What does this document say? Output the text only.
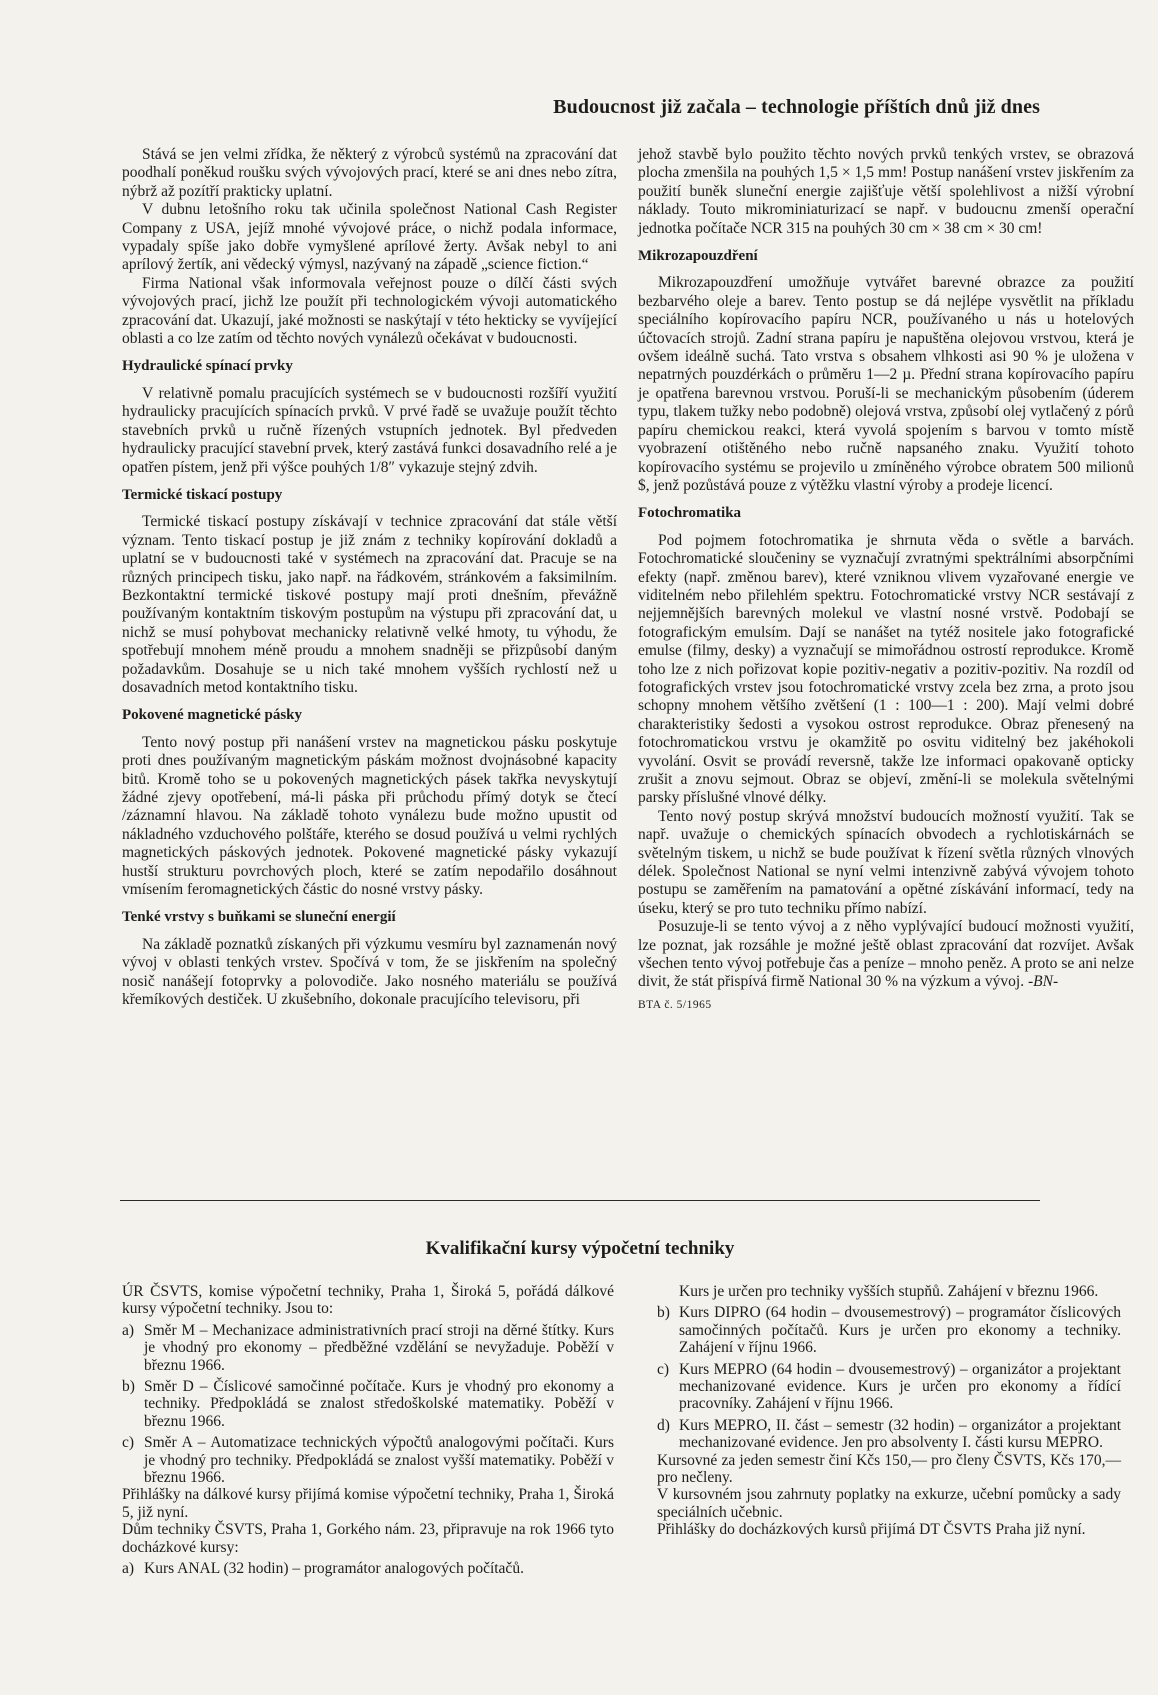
Budoucnost již začala – technologie příštích dnů již dnes

Stává se jen velmi zřídka, že některý z výrobců systémů na zpracování dat poodhalí poněkud roušku svých vývojových prací, které se ani dnes nebo zítra, nýbrž až pozítří prakticky uplatní.

V dubnu letošního roku tak učinila společnost National Cash Register Company z USA, jejíž mnohé vývojové práce, o nichž podala informace, vypadaly spíše jako dobře vymyšlené aprílové žerty. Avšak nebyl to ani aprílový žertík, ani vědecký výmysl, nazývaný na západě „science fiction.“

Firma National však informovala veřejnost pouze o dílčí části svých vývojových prací, jichž lze použít při technologickém vývoji automatického zpracování dat. Ukazují, jaké možnosti se naskýtají v této hekticky se vyvíjející oblasti a co lze zatím od těchto nových vynálezů očekávat v budoucnosti.

Hydraulické spínací prvky

V relativně pomalu pracujících systémech se v budoucnosti rozšíří využití hydraulicky pracujících spínacích prvků. V prvé řadě se uvažuje použít těchto stavebních prvků u ručně řízených vstupních jednotek. Byl předveden hydraulicky pracující stavební prvek, který zastává funkci dosavadního relé a je opatřen pístem, jenž při výšce pouhých 1/8″ vykazuje stejný zdvih.

Termické tiskací postupy

Termické tiskací postupy získávají v technice zpracování dat stále větší význam. Tento tiskací postup je již znám z techniky kopírování dokladů a uplatní se v budoucnosti také v systémech na zpracování dat. Pracuje se na různých principech tisku, jako např. na řádkovém, stránkovém a faksimilním. Bezkontaktní termické tiskové postupy mají proti dnešním, převážně používaným kontaktním tiskovým postupům na výstupu při zpracování dat, u nichž se musí pohybovat mechanicky relativně velké hmoty, tu výhodu, že spotřebují mnohem méně proudu a mnohem snadněji se přizpůsobí daným požadavkům. Dosahuje se u nich také mnohem vyšších rychlostí než u dosavadních metod kontaktního tisku.

Pokovené magnetické pásky

Tento nový postup při nanášení vrstev na magnetickou pásku poskytuje proti dnes používaným magnetickým páskám možnost dvojnásobné kapacity bitů. Kromě toho se u pokovených magnetických pásek takřka nevyskytují žádné zjevy opotřebení, má-li páska při průchodu přímý dotyk se čtecí /záznamní hlavou. Na základě tohoto vynálezu bude možno upustit od nákladného vzduchového polštáře, kterého se dosud používá u velmi rychlých magnetických páskových jednotek. Pokovené magnetické pásky vykazují hustší strukturu povrchových ploch, které se zatím nepodařilo dosáhnout vmísením feromagnetických částic do nosné vrstvy pásky.

Tenké vrstvy s buňkami se sluneční energií

Na základě poznatků získaných při výzkumu vesmíru byl zaznamenán nový vývoj v oblasti tenkých vrstev. Spočívá v tom, že se jiskřením na společný nosič nanášejí fotoprvky a polovodiče. Jako nosného materiálu se používá křemíkových destiček. U zkušebního, dokonale pracujícího televisoru, při

jehož stavbě bylo použito těchto nových prvků tenkých vrstev, se obrazová plocha zmenšila na pouhých 1,5 × 1,5 mm! Postup nanášení vrstev jiskřením za použití buněk sluneční energie zajišťuje větší spolehlivost a nižší výrobní náklady. Touto mikrominiaturizací se např. v budoucnu zmenší operační jednotka počítače NCR 315 na pouhých 30 cm × 38 cm × 30 cm!

Mikrozapouzdření

Mikrozapouzdření umožňuje vytvářet barevné obrazce za použití bezbarvého oleje a barev. Tento postup se dá nejlépe vysvětlit na příkladu speciálního kopírovacího papíru NCR, používaného u nás u hotelových účtovacích strojů. Zadní strana papíru je napuštěna olejovou vrstvou, která je ovšem ideálně suchá. Tato vrstva s obsahem vlhkosti asi 90 % je uložena v nepatrných pouzdérkách o průměru 1—2 µ. Přední strana kopírovacího papíru je opatřena barevnou vrstvou. Poruší-li se mechanickým působením (úderem typu, tlakem tužky nebo podobně) olejová vrstva, způsobí olej vytlačený z pórů papíru chemickou reakci, která vyvolá spojením s barvou v tomto místě vyobrazení otištěného nebo ručně napsaného znaku. Využití tohoto kopírovacího systému se projevilo u zmíněného výrobce obratem 500 milionů $, jenž pozůstává pouze z výtěžku vlastní výroby a prodeje licencí.

Fotochromatika

Pod pojmem fotochromatika je shrnuta věda o světle a barvách. Fotochromatické sloučeniny se vyznačují zvratnými spektrálními absorpčními efekty (např. změnou barev), které vzniknou vlivem vyzařované energie ve viditelném nebo přilehlém spektru. Fotochromatické vrstvy NCR sestávají z nejjemnějších barevných molekul ve vlastní nosné vrstvě. Podobají se fotografickým emulsím. Dají se nanášet na tytéž nositele jako fotografické emulse (filmy, desky) a vyznačují se mimořádnou ostrostí reprodukce. Kromě toho lze z nich pořizovat kopie pozitiv-negativ a pozitiv-pozitiv. Na rozdíl od fotografických vrstev jsou fotochromatické vrstvy zcela bez zrna, a proto jsou schopny mnohem většího zvětšení (1 : 100—1 : 200). Mají velmi dobré charakteristiky šedosti a vysokou ostrost reprodukce. Obraz přenesený na fotochromatickou vrstvu je okamžitě po osvitu viditelný bez jakéhokoli vyvolání. Osvit se provádí reversně, takže lze informaci opakovaně opticky zrušit a znovu sejmout. Obraz se objeví, změní-li se molekula světelnými parsky příslušné vlnové délky.

Tento nový postup skrývá množství budoucích možností využití. Tak se např. uvažuje o chemických spínacích obvodech a rychlotiskárnách se světelným tiskem, u nichž se bude používat k řízení světla různých vlnových délek. Společnost National se nyní velmi intenzivně zabývá vývojem tohoto postupu se zaměřením na pamatování a opětné získávání informací, tedy na úseku, který se pro tuto techniku přímo nabízí.

Posuzuje-li se tento vývoj a z něho vyplývající budoucí možnosti využití, lze poznat, jak rozsáhle je možné ještě oblast zpracování dat rozvíjet. Avšak všechen tento vývoj potřebuje čas a peníze – mnoho peněz. A proto se ani nelze divit, že stát přispívá firmě National 30 % na výzkum a vývoj. -BN-

BTA č. 5/1965

Kvalifikační kursy výpočetní techniky

ÚR ČSVTS, komise výpočetní techniky, Praha 1, Široká 5, pořádá dálkové kursy výpočetní techniky. Jsou to:

a) Směr M – Mechanizace administrativních prací stroji na děrné štítky. Kurs je vhodný pro ekonomy – předběžné vzdělání se nevyžaduje. Poběží v březnu 1966.
b) Směr D – Číslicové samočinné počítače. Kurs je vhodný pro ekonomy a techniky. Předpokládá se znalost středoškolské matematiky. Poběží v březnu 1966.
c) Směr A – Automatizace technických výpočtů analogovými počítači. Kurs je vhodný pro techniky. Předpokládá se znalost vyšší matematiky. Poběží v březnu 1966.

Přihlášky na dálkové kursy přijímá komise výpočetní techniky, Praha 1, Široká 5, již nyní.

Dům techniky ČSVTS, Praha 1, Gorkého nám. 23, připravuje na rok 1966 tyto docházkové kursy:

a) Kurs ANAL (32 hodin) – programátor analogových počítačů.

Kurs je určen pro techniky vyšších stupňů. Zahájení v březnu 1966.

b) Kurs DIPRO (64 hodin – dvousemestrový) – programátor číslicových samočinných počítačů. Kurs je určen pro ekonomy a techniky. Zahájení v říjnu 1966.
c) Kurs MEPRO (64 hodin – dvousemestrový) – organizátor a projektant mechanizované evidence. Kurs je určen pro ekonomy a řídící pracovníky. Zahájení v říjnu 1966.
d) Kurs MEPRO, II. část – semestr (32 hodin) – organizátor a projektant mechanizované evidence. Jen pro absolventy I. části kursu MEPRO.

Kursovné za jeden semestr činí Kčs 150,— pro členy ČSVTS, Kčs 170,— pro nečleny.

V kursovném jsou zahrnuty poplatky na exkurze, učební pomůcky a sady speciálních učebnic.

Přihlášky do docházkových kursů přijímá DT ČSVTS Praha již nyní.
